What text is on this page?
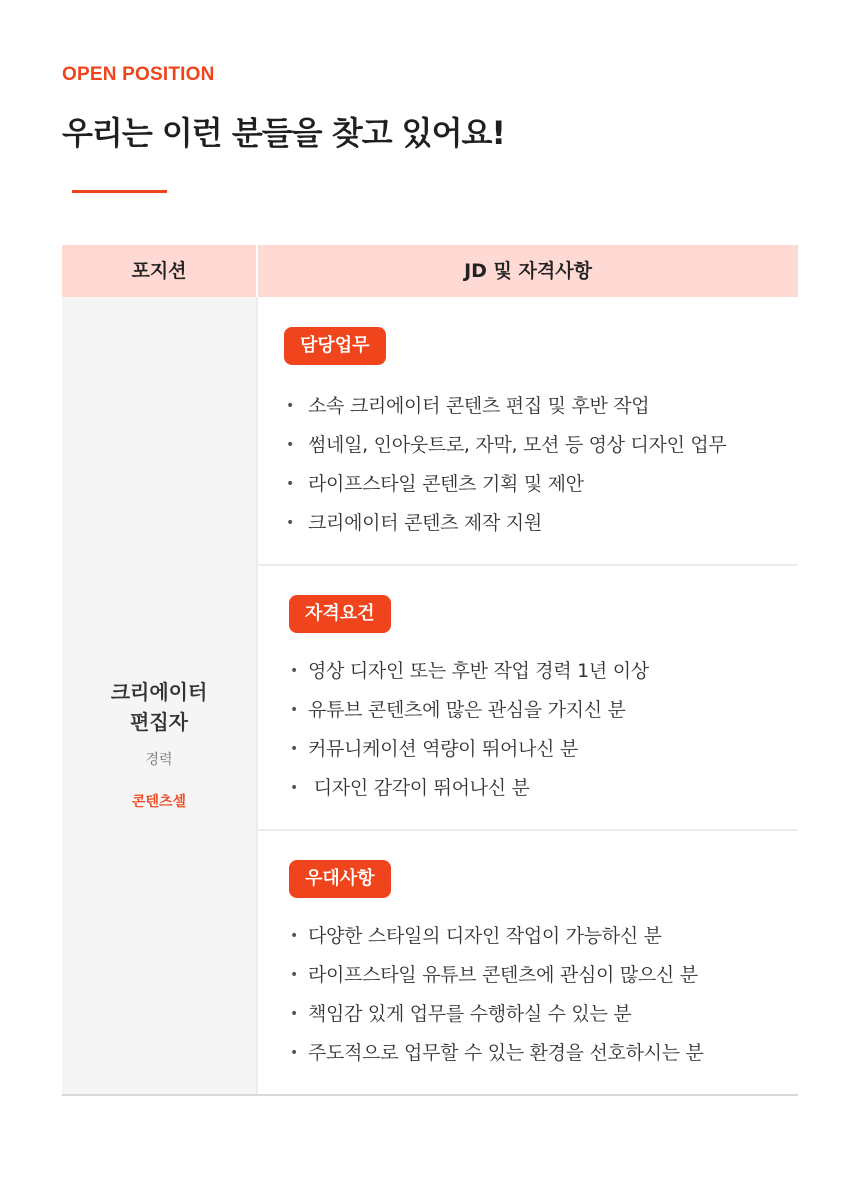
OPEN POSITION
우리는 이런 분들을 찾고 있어요!
포지션	JD 및 자격사항
크리에이터
편집자
경력
콘텐츠셀
담당업무
• 소속 크리에이터 콘텐츠 편집 및 후반 작업
• 썸네일, 인아웃트로, 자막, 모션 등 영상 디자인 업무
• 라이프스타일 콘텐츠 기획 및 제안
• 크리에이터 콘텐츠 제작 지원
자격요건
• 영상 디자인 또는 후반 작업 경력 1년 이상
• 유튜브 콘텐츠에 많은 관심을 가지신 분
• 커뮤니케이션 역량이 뛰어나신 분
• 디자인 감각이 뛰어나신 분
우대사항
• 다양한 스타일의 디자인 작업이 가능하신 분
• 라이프스타일 유튜브 콘텐츠에 관심이 많으신 분
• 책임감 있게 업무를 수행하실 수 있는 분
• 주도적으로 업무할 수 있는 환경을 선호하시는 분
